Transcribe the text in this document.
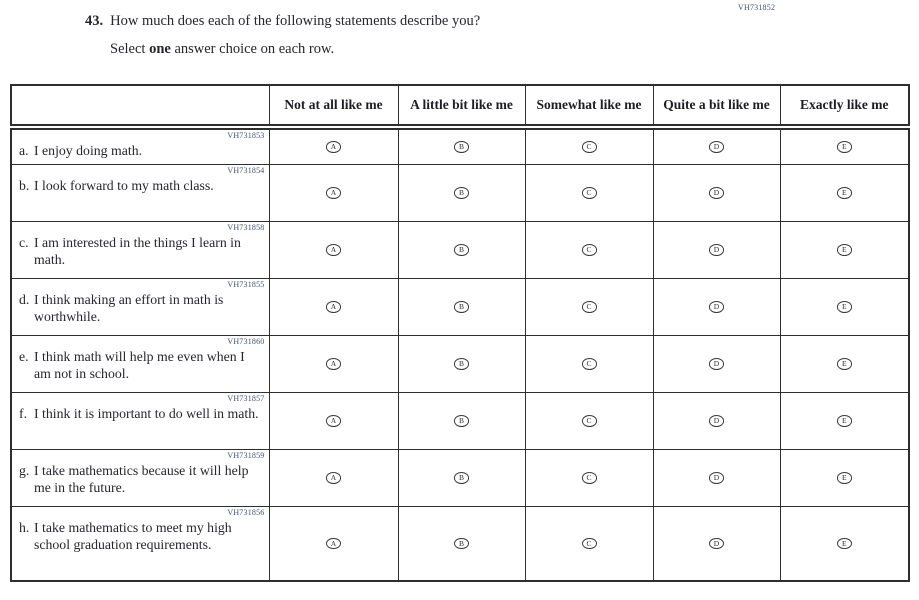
VH731852
43. How much does each of the following statements describe you?
Select one answer choice on each row.
	Not at all like me	A little bit like me	Somewhat like me	Quite a bit like me	Exactly like me

VH731853
a. I enjoy doing math.	A	B	C	D	E

VH731854
b. I look forward to my math class.	A	B	C	D	E

VH731858
c. I am interested in the things I learn in math.	A	B	C	D	E

VH731855
d. I think making an effort in math is worthwhile.	A	B	C	D	E

VH731860
e. I think math will help me even when I am not in school.	A	B	C	D	E

VH731857
f. I think it is important to do well in math.	A	B	C	D	E

VH731859
g. I take mathematics because it will help me in the future.	A	B	C	D	E

VH731856
h. I take mathematics to meet my high school graduation requirements.	A	B	C	D	E
